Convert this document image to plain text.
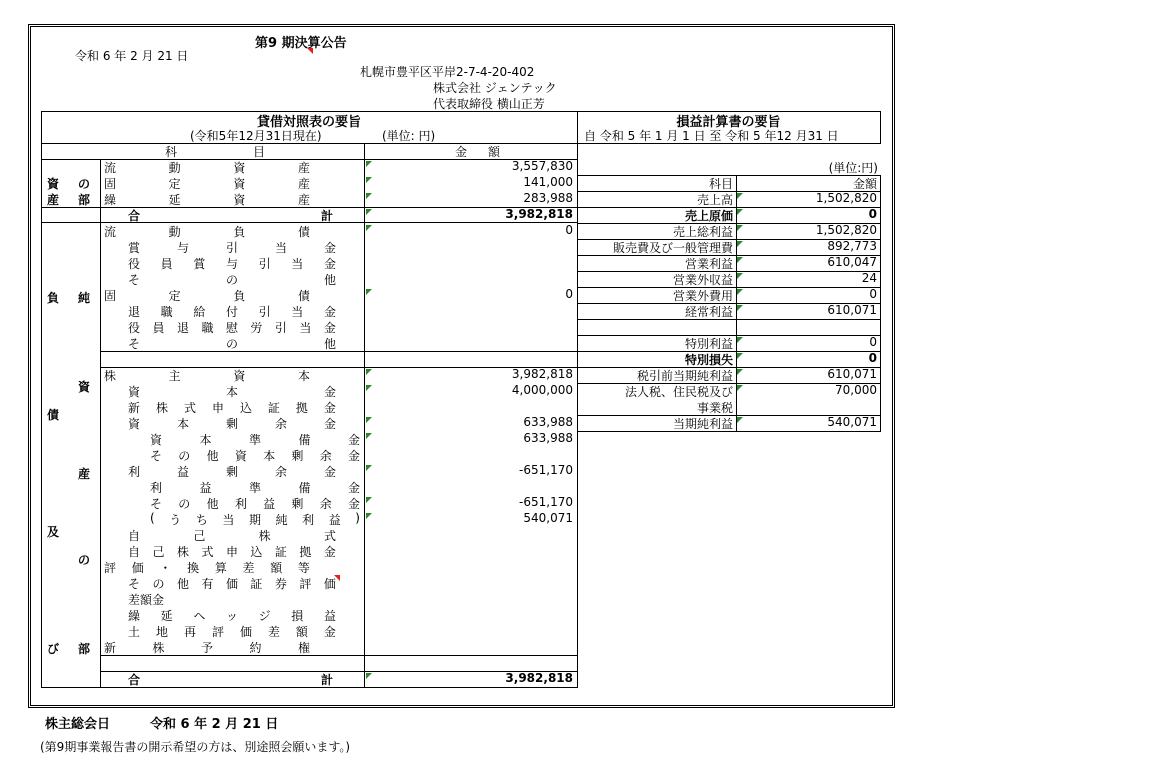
第9 期決算公告
令和 6 年 2 月 21 日
札幌市豊平区平岸2-7-4-20-402
株式会社 ジェンテック
代表取締役 横山正芳
貸借対照表の要旨
(令和5年12月31日現在)	(単位: 円)
科	目	金 額
流	動	資	産	3,557,830
固	定	資	産	141,000
繰	延	資	産	283,988
資 の
産 部
合	計	3,982,818
流	動	負	債	0
賞	与	引	当	金
役 員 賞 与 引 当 金
そ	の	他
固	定	負	債	0
退 職 給 付 引 当 金
役 員 退 職 慰 労 引 当 金
そ	の	他
株	主	資	本	3,982,818
資	本	金	4,000,000
新 株 式 申 込 証 拠 金
資	本	剰	余	金	633,988
資	本	準	備	金	633,988
そ の 他 資 本 剰 余 金
利	益	剰	余	金	-651,170
利	益	準	備	金
そ の 他 利 益 剰 余 金	-651,170
( う ち 当 期 純 利 益 )	540,071
自	己	株	式
自 己 株 式 申 込 証 拠 金
評 価 ・ 換 算 差 額 等
そ の 他 有 価 証 券 評 価
差額金
繰 延 ヘ ッ ジ 損 益
土 地 再 評 価 差 額 金
新	株	予	約	権
合	計	3,982,818
負 純
資
債
産
及
の
び 部
損益計算書の要旨
自 令和 5 年 1 月 1 日 至 令和 5 年12 月31 日
(単位:円)
科目	金額
売上高	1,502,820
売上原価	0
売上総利益	1,502,820
販売費及び一般管理費	892,773
営業利益	610,047
営業外収益	24
営業外費用	0
経常利益	610,071
特別利益	0
特別損失	0
税引前当期純利益	610,071
法人税、住民税及び	70,000
事業税
当期純利益	540,071
株主総会日	令和 6 年 2 月 21 日
(第9期事業報告書の開示希望の方は、別途照会願います。)
